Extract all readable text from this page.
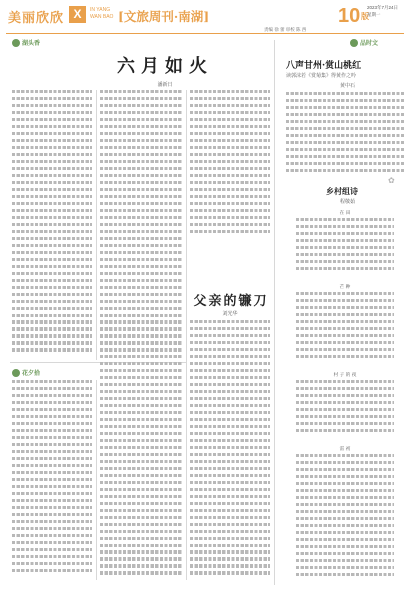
美丽欣欣 X	IN YANG
WAN BAO [文旅周刊·南湖]	10 版
2023年7月24日
星期一
责编 徐 蕾 审校 陈 西
湖头香
六月如火
潘新日
花夕拾
父亲的镰刀
刘光华
品时文
八声甘州·赏山桃红
读郭沫若《赏菊集》得黄作之吟
黄中石
✿
乡村组诗
程敬茹
在 田
芒 种
村 子 的 夜
雷 初
